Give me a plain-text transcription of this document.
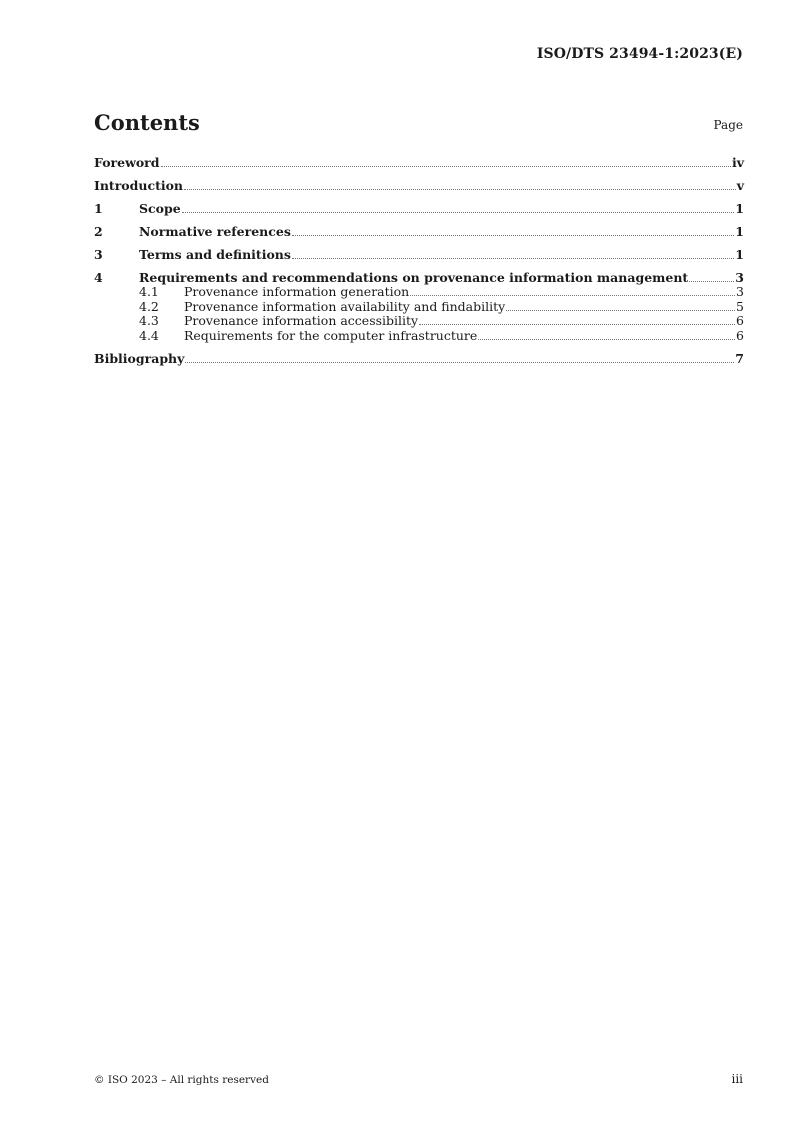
ISO/DTS 23494-1:2023(E)
Contents	Page
Foreword	iv
Introduction	v
1	Scope	1
2	Normative references	1
3	Terms and definitions	1
4	Requirements and recommendations on provenance information management	3
4.1	Provenance information generation	3
4.2	Provenance information availability and findability	5
4.3	Provenance information accessibility	6
4.4	Requirements for the computer infrastructure	6
Bibliography	7
© ISO 2023 – All rights reserved	iii
